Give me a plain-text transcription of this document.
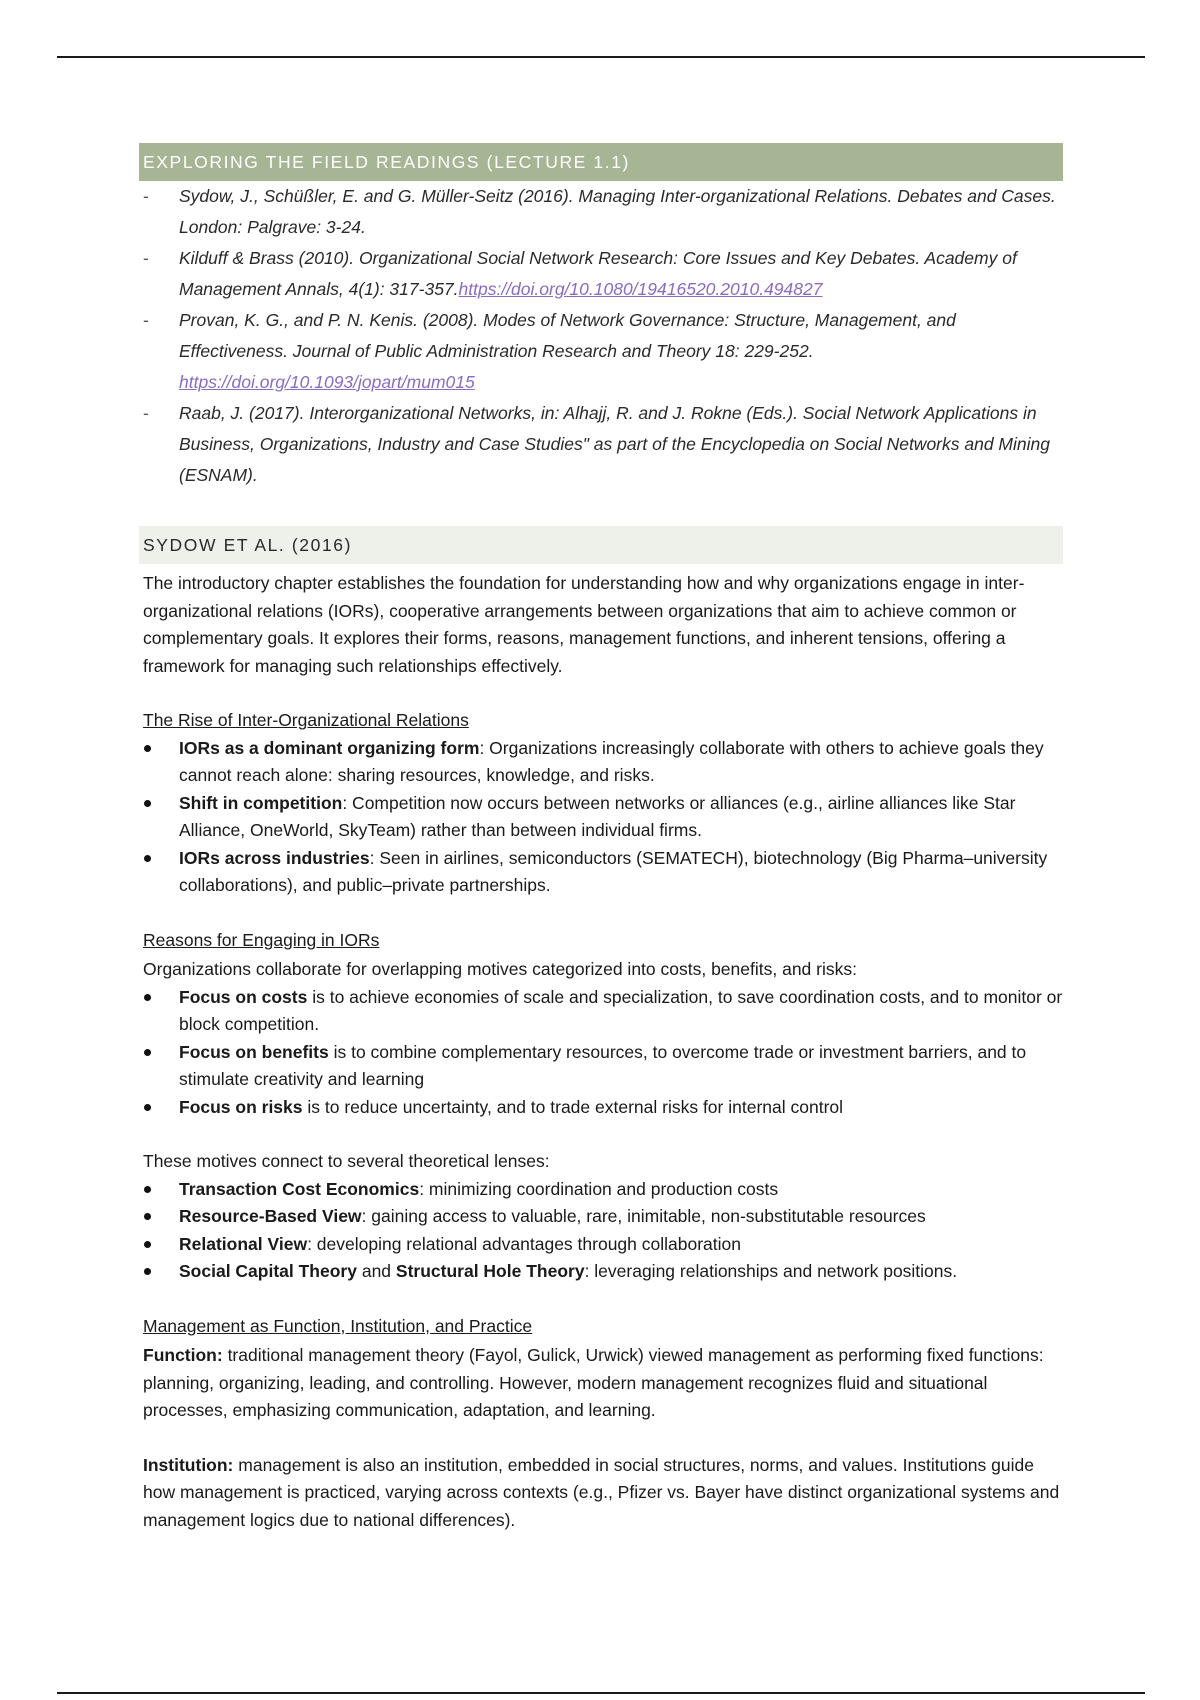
EXPLORING THE FIELD READINGS (LECTURE 1.1)
- Sydow, J., Schüßler, E. and G. Müller-Seitz (2016). Managing Inter-organizational Relations. Debates and Cases. London: Palgrave: 3-24.
- Kilduff & Brass (2010). Organizational Social Network Research: Core Issues and Key Debates. Academy of Management Annals, 4(1): 317-357.https://doi.org/10.1080/19416520.2010.494827
- Provan, K. G., and P. N. Kenis. (2008). Modes of Network Governance: Structure, Management, and Effectiveness. Journal of Public Administration Research and Theory 18: 229-252.
https://doi.org/10.1093/jopart/mum015
- Raab, J. (2017). Interorganizational Networks, in: Alhajj, R. and J. Rokne (Eds.). Social Network Applications in Business, Organizations, Industry and Case Studies" as part of the Encyclopedia on Social Networks and Mining (ESNAM).
SYDOW ET AL. (2016)

The introductory chapter establishes the foundation for understanding how and why organizations engage in inter-organizational relations (IORs), cooperative arrangements between organizations that aim to achieve common or complementary goals. It explores their forms, reasons, management functions, and inherent tensions, offering a framework for managing such relationships effectively.

The Rise of Inter-Organizational Relations

IORs as a dominant organizing form: Organizations increasingly collaborate with others to achieve goals they cannot reach alone: sharing resources, knowledge, and risks.
Shift in competition: Competition now occurs between networks or alliances (e.g., airline alliances like Star Alliance, OneWorld, SkyTeam) rather than between individual firms.
IORs across industries: Seen in airlines, semiconductors (SEMATECH), biotechnology (Big Pharma–university collaborations), and public–private partnerships.

Reasons for Engaging in IORs

Organizations collaborate for overlapping motives categorized into costs, benefits, and risks:

Focus on costs is to achieve economies of scale and specialization, to save coordination costs, and to monitor or block competition.
Focus on benefits is to combine complementary resources, to overcome trade or investment barriers, and to stimulate creativity and learning
Focus on risks is to reduce uncertainty, and to trade external risks for internal control

These motives connect to several theoretical lenses:

Transaction Cost Economics: minimizing coordination and production costs
Resource-Based View: gaining access to valuable, rare, inimitable, non-substitutable resources
Relational View: developing relational advantages through collaboration
Social Capital Theory and Structural Hole Theory: leveraging relationships and network positions.

Management as Function, Institution, and Practice

Function: traditional management theory (Fayol, Gulick, Urwick) viewed management as performing fixed functions: planning, organizing, leading, and controlling. However, modern management recognizes fluid and situational processes, emphasizing communication, adaptation, and learning.

Institution: management is also an institution, embedded in social structures, norms, and values. Institutions guide how management is practiced, varying across contexts (e.g., Pfizer vs. Bayer have distinct organizational systems and management logics due to national differences).
